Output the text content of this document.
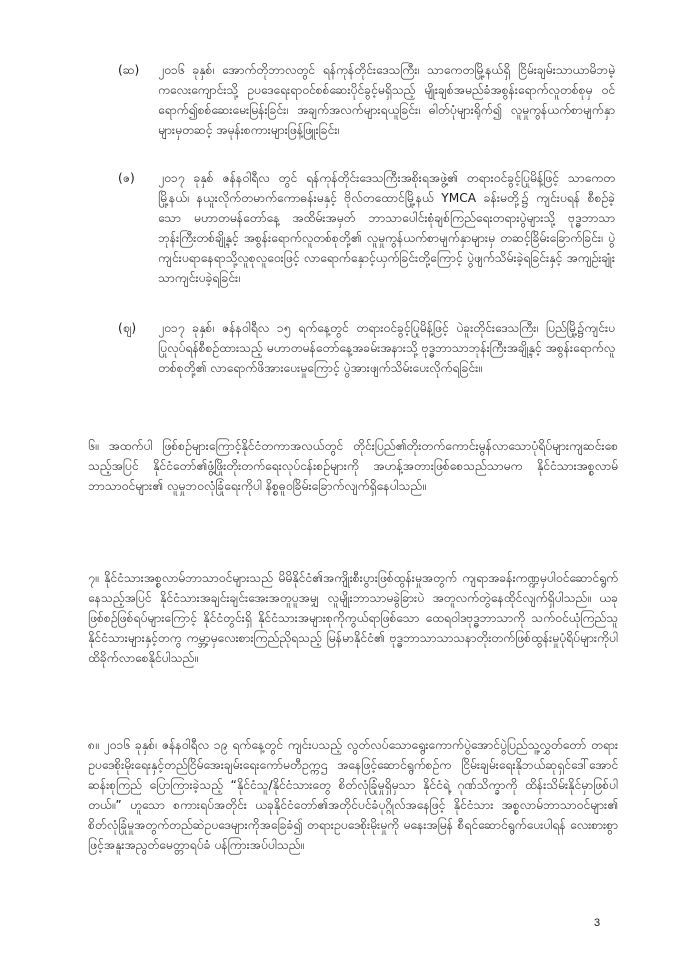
(ဆ) ၂၀၁၆ ခုနှစ်၊ အောက်တိုဘာလတွင် ရန်ကုန်တိုင်းဒေသကြီး၊ သာကေတမြို့နယ်ရှိ ငြိမ်းချမ်းသာယာမိဘမဲ့ကလေးကျောင်းသို့ ဥပဒေရေးရာဝင်စစ်ဆေးပိုင်ခွင့်မရှိသည့် မျိုးချစ်အမည်ခံအစွန်းရောက်လူတစ်စုမှ ဝင်ရောက်၍စစ်ဆေးမေးမြန်းခြင်း၊ အချက်အလက်များရယူခြင်း၊ ဓါတ်ပုံများရိုက်၍ လူမှုကွန်ယက်စာမျက်နှာများမှတဆင့် အမုန်းစကားများဖြန့်ဖြူးခြင်း၊
(ဇ) ၂၀၁၇ ခုနှစ် ဇန်နဝါရီလ တွင် ရန်ကုန်တိုင်းဒေသကြီးအစိုးရအဖွဲ့၏ တရားဝင်ခွင့်ပြုမိန့်ဖြင့် သာကေတမြို့နယ်၊ နယူးလိုက်တမာက်ကောဓန်းမနှင့် ဗိုလ်တထောင်မြို့နယ် YMCA ခန်းမတို့၌ ကျင်းပရန် စီစဉ်ခဲ့သော မဟာတမန်တော်နေ့ အထိမ်းအမှတ် ဘာသာပေါင်းစုံချစ်ကြည်ရေးတရားပွဲများသို့ ဗုဒ္ဓဘာသာဘုန်းကြီးတစ်ချို့နှင့် အစွန်းရောက်လူတစ်စုတို့၏ လူမှုကွန်ယက်စာမျက်နှာများမှ တဆင့်ခြိမ်းခြောက်ခြင်း၊ ပွဲကျင်းပရာနေရာသို့လူစုလူဝေးဖြင့် လာရောက်နှောင့်ယှက်ခြင်းတို့ကြောင့် ပွဲဖျက်သိမ်းခဲ့ရခြင်းနှင့် အကျဉ်းချုံးသာကျင်းပခဲ့ရခြင်း၊
(ဈ) ၂၀၁၇ ခုနှစ်၊ ဇန်နဝါရီလ ၁၅ ရက်နေ့တွင် တရားဝင်ခွင့်ပြုမိန့်ဖြင့် ပဲခူးတိုင်းဒေသကြီး၊ ပြည်မြို့၌ကျင်းပပြုလုပ်ရန်စီစဉ်ထားသည့် မဟာတမန်တော်နေ့အခမ်းအနားသို့ ဗုဒ္ဓဘာသာဘုန်းကြီးအချို့နှင့် အစွန်းရောက်လူတစ်စုတို့၏ လာရောက်ဖိအားပေးမှုကြောင့် ပွဲအားဖျက်သိမ်းပေးလိုက်ရခြင်း။
၆။ အထက်ပါ ဖြစ်စဉ်များကြောင့်နိုင်ငံတကာအလယ်တွင် တိုင်းပြည်၏တိုးတက်ကောင်းမွန်လာသောပုံရိပ်များကျဆင်းစေသည့်အပြင် နိုင်ငံတော်၏ဖွံ့ဖြိုးတိုးတက်ရေးလုပ်ငန်းစဉ်များကို အဟန့်အတားဖြစ်စေသည်သာမက နိုင်ငံသားအစ္စလာမ်ဘာသာဝင်များ၏ လူမှုဘဝလုံခြုံရေးကိုပါ နိစ္စဓူဝခြိမ်းခြောက်လျက်ရှိနေပါသည်။
၇။ နိုင်ငံသားအစ္စလာမ်ဘာသာဝင်များသည် မိမိနိုင်ငံ၏အကျိုးစီးပွားဖြစ်ထွန်းမှုအတွက် ကျရာအခန်းကဏ္ဍမှပါဝင်ဆောင်ရွက်နေသည့်အပြင် နိုင်ငံသားအချင်းချင်းအေးအတူပူအမျှ လူမျိုးဘာသာမခွဲခြားပဲ အတူလက်တွဲနေထိုင်လျက်ရှိပါသည်။ ယခုဖြစ်စဉ်ဖြစ်ရပ်များကြောင့် နိုင်ငံတွင်းရှိ နိုင်ငံသားအများစုကိုကွယ်ရာဖြစ်သော ထေရဝါဒဗုဒ္ဓဘာသာကို သက်ဝင်ယုံကြည်သူ နိုင်ငံသားများနှင့်တကွ ကမ္ဘာ့မှလေးစားကြည်ညိုရသည့် မြန်မာနိုင်ငံ၏ ဗုဒ္ဓဘာသာသာသနာတိုးတက်ဖြစ်ထွန်းမှုပုံရိပ်များကိုပါ ထိခိုက်လာစေနိုင်ပါသည်။
၈။ ၂၀၁၆ ခုနှစ်၊ ဇန်နဝါရီလ ၁၉ ရက်နေ့တွင် ကျင်းပသည့် လွတ်လပ်သောရွေးကောက်ပွဲအောင်ပွဲပြည်သူ့လွှတ်တော် တရားဥပဒေစိုးမိုးရေးနှင့်တည်ငြိမ်အေးချမ်းရေးကော်မတီဥက္ကဌ အနေဖြင့်ဆောင်ရွက်စဉ်က ငြိမ်းချမ်းရေးနိုဘယ်ဆုရှင်ဒေါ်အောင်ဆန်းစုကြည် ပြောကြားခဲ့သည့် “နိုင်ငံသူ/နိုင်ငံသားတွေ စိတ်လုံခြုံမှုရှိမှသာ နိုင်ငံရဲ့ ဂုဏ်သိက္ခာကို ထိန်းသိမ်းနိုင်မှာဖြစ်ပါတယ်။” ဟူသော စကားရပ်အတိုင်း ယခုနိုင်ငံတော်၏အတိုင်ပင်ခံပုဂ္ဂိုလ်အနေဖြင့် နိုင်ငံသား အစ္စလာမ်ဘာသာဝင်များ၏ စိတ်လုံခြုံမှုအတွက်တည်ဆဲဥပဒေများကိုအခြေခံ၍ တရားဥပဒေစိုးမိုးမှုကို မနေးအမြန် စီရင်ဆောင်ရွက်ပေးပါရန် လေးစားစွာဖြင့်အနူးအညွတ်မေတ္တာရပ်ခံ ပန်ကြားအပ်ပါသည်။
3
